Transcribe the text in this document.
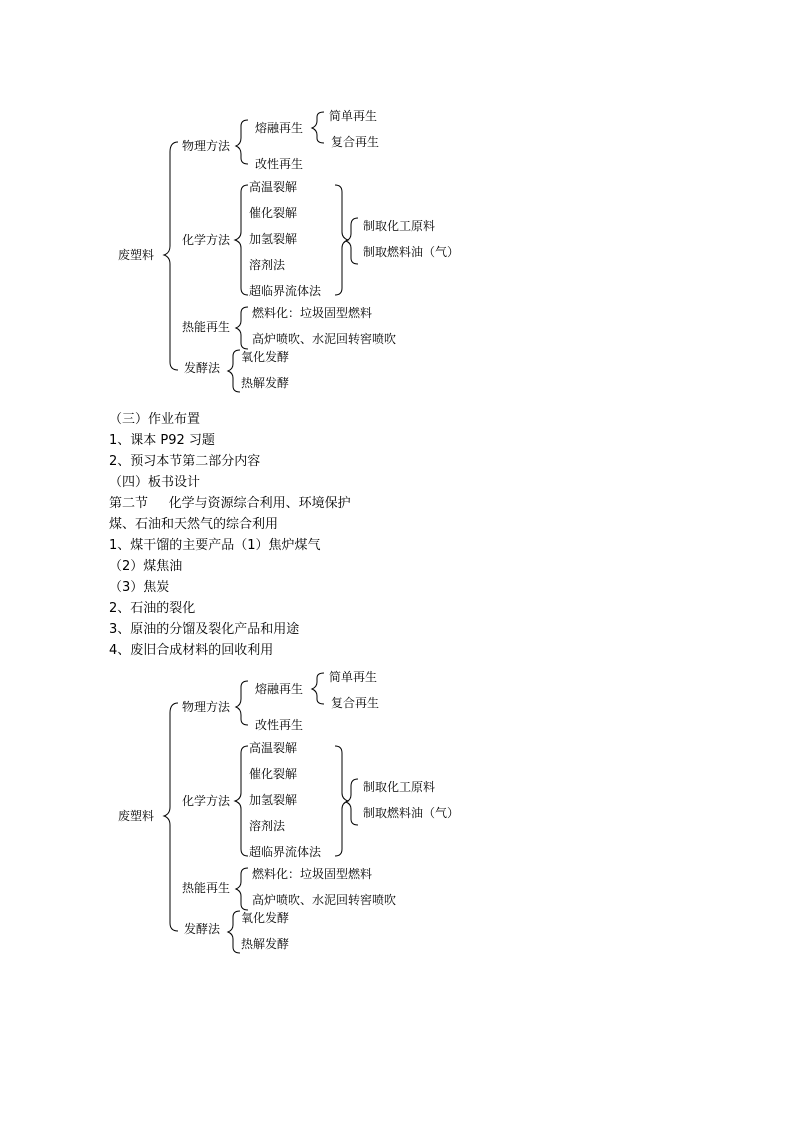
废塑料
物理方法
熔融再生
简单再生
复合再生
改性再生
化学方法
高温裂解
催化裂解
加氢裂解
溶剂法
超临界流体法
制取化工原料
制取燃料油（气）
热能再生
燃料化：垃圾固型燃料
高炉喷吹、水泥回转窖喷吹
发酵法
氧化发酵
热解发酵
（三）作业布置
1、课本 P92 习题
2、预习本节第二部分内容
（四）板书设计
第二节     化学与资源综合利用、环境保护
煤、石油和天然气的综合利用
1、煤干馏的主要产品（1）焦炉煤气
（2）煤焦油
（3）焦炭
2、石油的裂化
3、原油的分馏及裂化产品和用途
4、废旧合成材料的回收利用
废塑料
物理方法
熔融再生
简单再生
复合再生
改性再生
化学方法
高温裂解
催化裂解
加氢裂解
溶剂法
超临界流体法
制取化工原料
制取燃料油（气）
热能再生
燃料化：垃圾固型燃料
高炉喷吹、水泥回转窖喷吹
发酵法
氧化发酵
热解发酵
